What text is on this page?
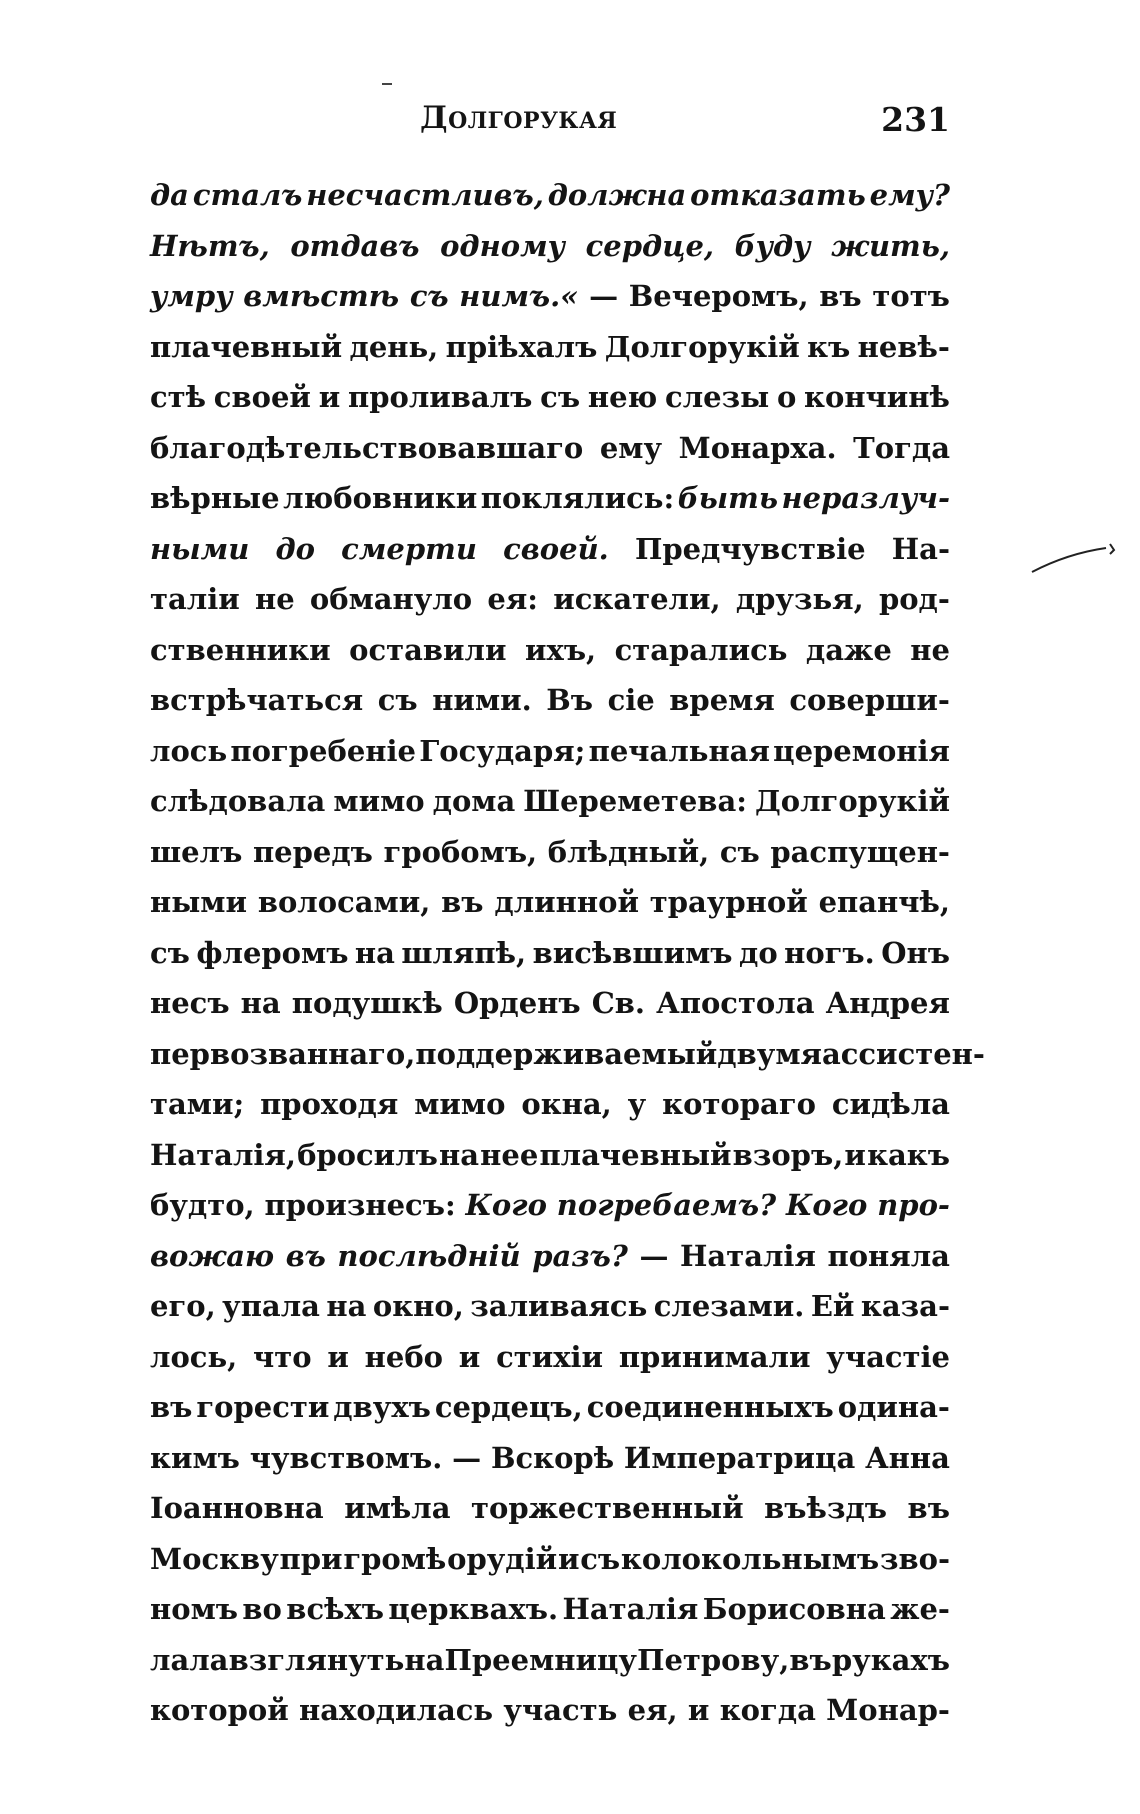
Долгорукая	231
да сталъ несчастливъ, должна отказать ему?
Нѣтъ, отдавъ одному сердце, буду жить,
умру вмѣстѣ съ нимъ.« — Вечеромъ, въ тотъ
плачевный день, пріѣхалъ Долгорукій къ невѣ-
стѣ своей и проливалъ съ нею слезы о кончинѣ
благодѣтельствовавшаго ему Монарха. Тогда
вѣрные любовники поклялись: быть неразлуч-
ными до смерти своей. Предчувствіе На-
таліи не обмануло ея: искатели, друзья, род-
ственники оставили ихъ, старались даже не
встрѣчаться съ ними. Въ сіе время соверши-
лось погребеніе Государя; печальная церемонія
слѣдовала мимо дома Шереметева: Долгорукій
шелъ передъ гробомъ, блѣдный, съ распущен-
ными волосами, въ длинной траурной епанчѣ,
съ флеромъ на шляпѣ, висѣвшимъ до ногъ. Онъ
несъ на подушкѣ Орденъ Св. Апостола Андрея
первозваннаго, поддерживаемый двумя ассистен-
тами; проходя мимо окна, у котораго сидѣла
Наталія, бросилъ на нее плачевный взоръ, и какъ
будто, произнесъ: Кого погребаемъ? Кого про-
вожаю въ послѣдній разъ? — Наталія поняла
его, упала на окно, заливаясь слезами. Ей каза-
лось, что и небо и стихіи принимали участіе
въ горести двухъ сердецъ, соединенныхъ одина-
кимъ чувствомъ. — Вскорѣ Императрица Анна
Іоанновна имѣла торжественный въѣздъ въ
Москву при громѣ орудій и съ колокольнымъ зво-
номъ во всѣхъ церквахъ. Наталія Борисовна же-
лала взглянуть на Преемницу Петрову, въ рукахъ
которой находилась участь ея, и когда Монар-
